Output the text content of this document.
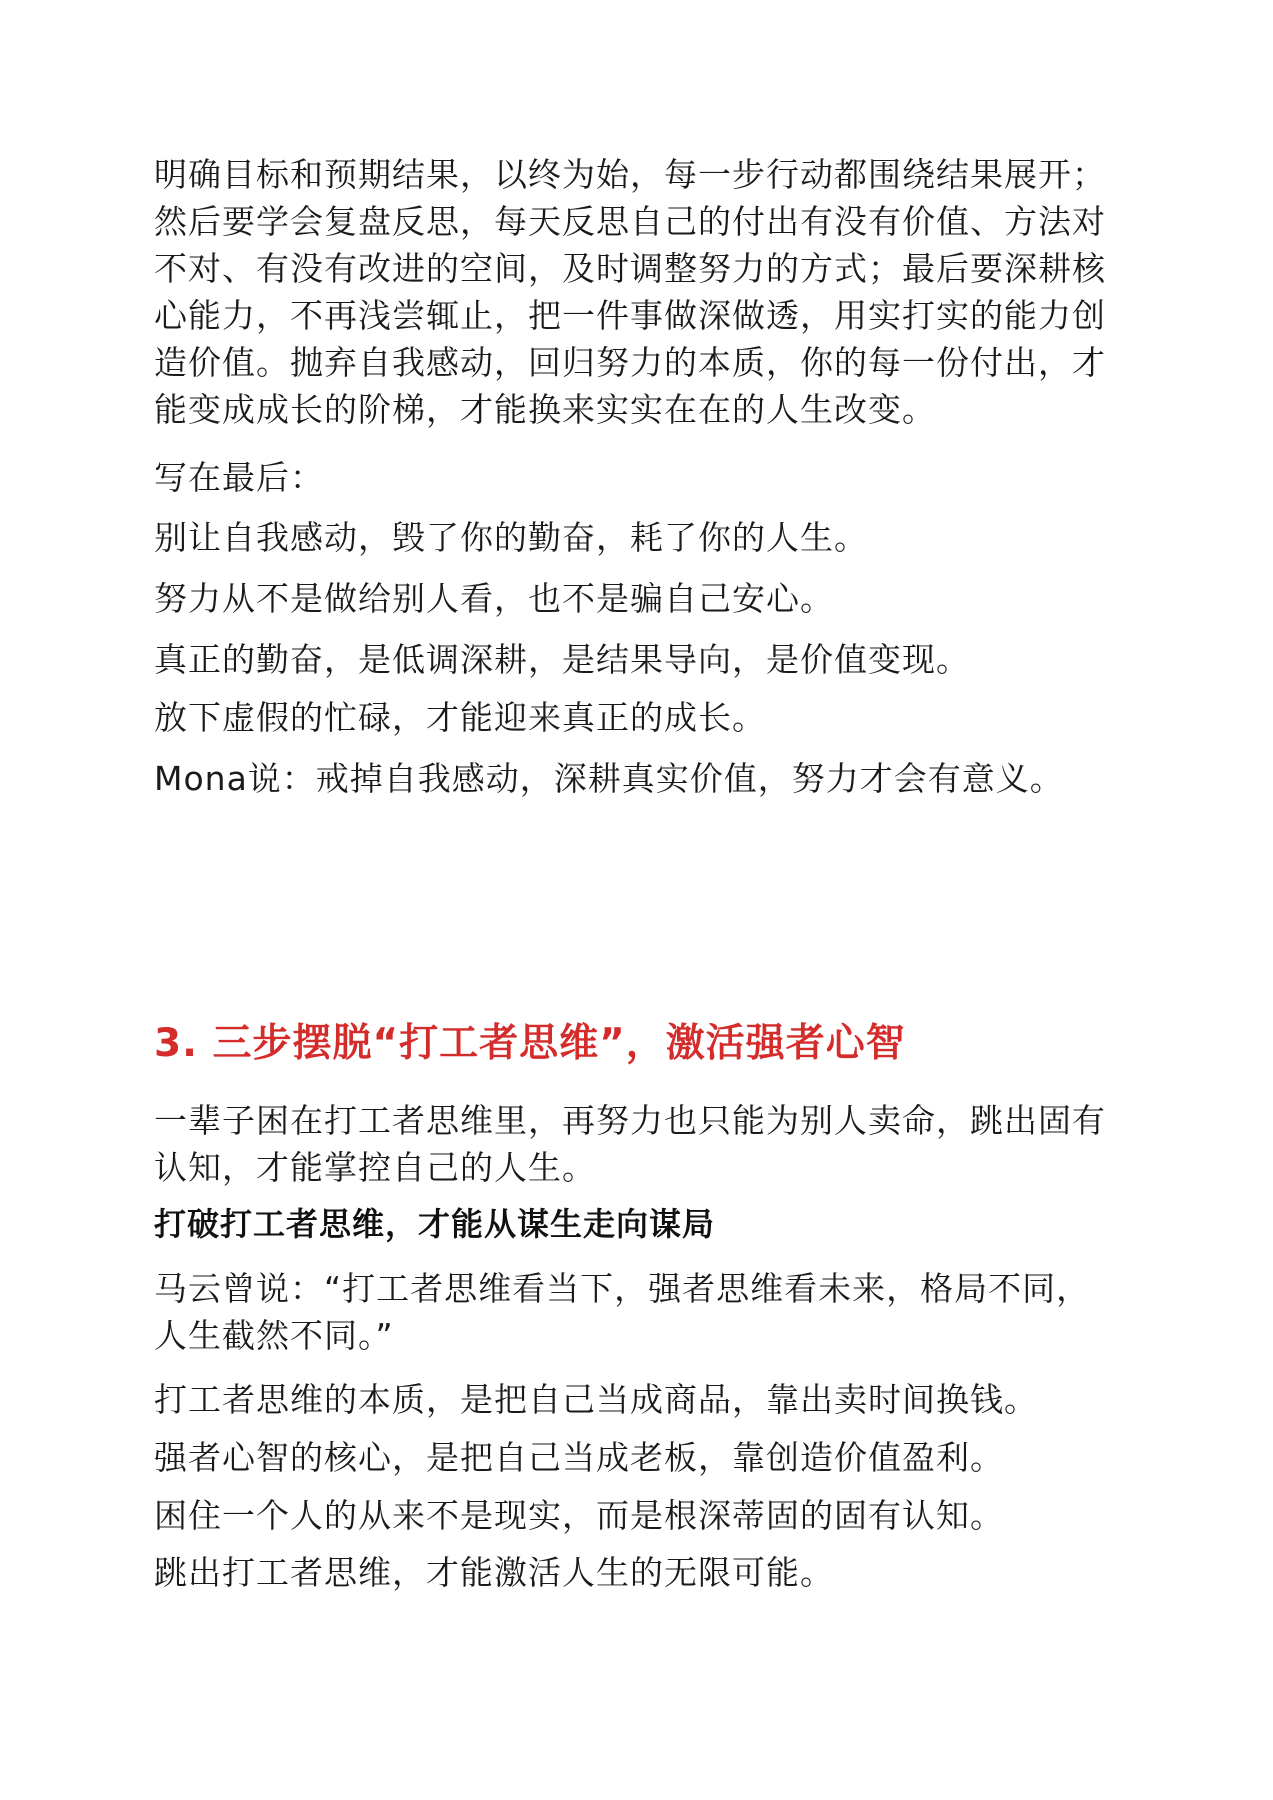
明确目标和预期结果，以终为始，每一步行动都围绕结果展开；
然后要学会复盘反思，每天反思自己的付出有没有价值、方法对
不对、有没有改进的空间，及时调整努力的方式；最后要深耕核
心能力，不再浅尝辄止，把一件事做深做透，用实打实的能力创
造价值。抛弃自我感动，回归努力的本质，你的每一份付出，才
能变成成长的阶梯，才能换来实实在在的人生改变。

写在最后：

别让自我感动，毁了你的勤奋，耗了你的人生。

努力从不是做给别人看，也不是骗自己安心。

真正的勤奋，是低调深耕，是结果导向，是价值变现。

放下虚假的忙碌，才能迎来真正的成长。

Mona说：戒掉自我感动，深耕真实价值，努力才会有意义。

3. 三步摆脱“打工者思维”，激活强者心智
一辈子困在打工者思维里，再努力也只能为别人卖命，跳出固有
认知，才能掌控自己的人生。
打破打工者思维，才能从谋生走向谋局
马云曾说：“打工者思维看当下，强者思维看未来，格局不同，
人生截然不同。”

打工者思维的本质，是把自己当成商品，靠出卖时间换钱。

强者心智的核心，是把自己当成老板，靠创造价值盈利。

困住一个人的从来不是现实，而是根深蒂固的固有认知。

跳出打工者思维，才能激活人生的无限可能。
